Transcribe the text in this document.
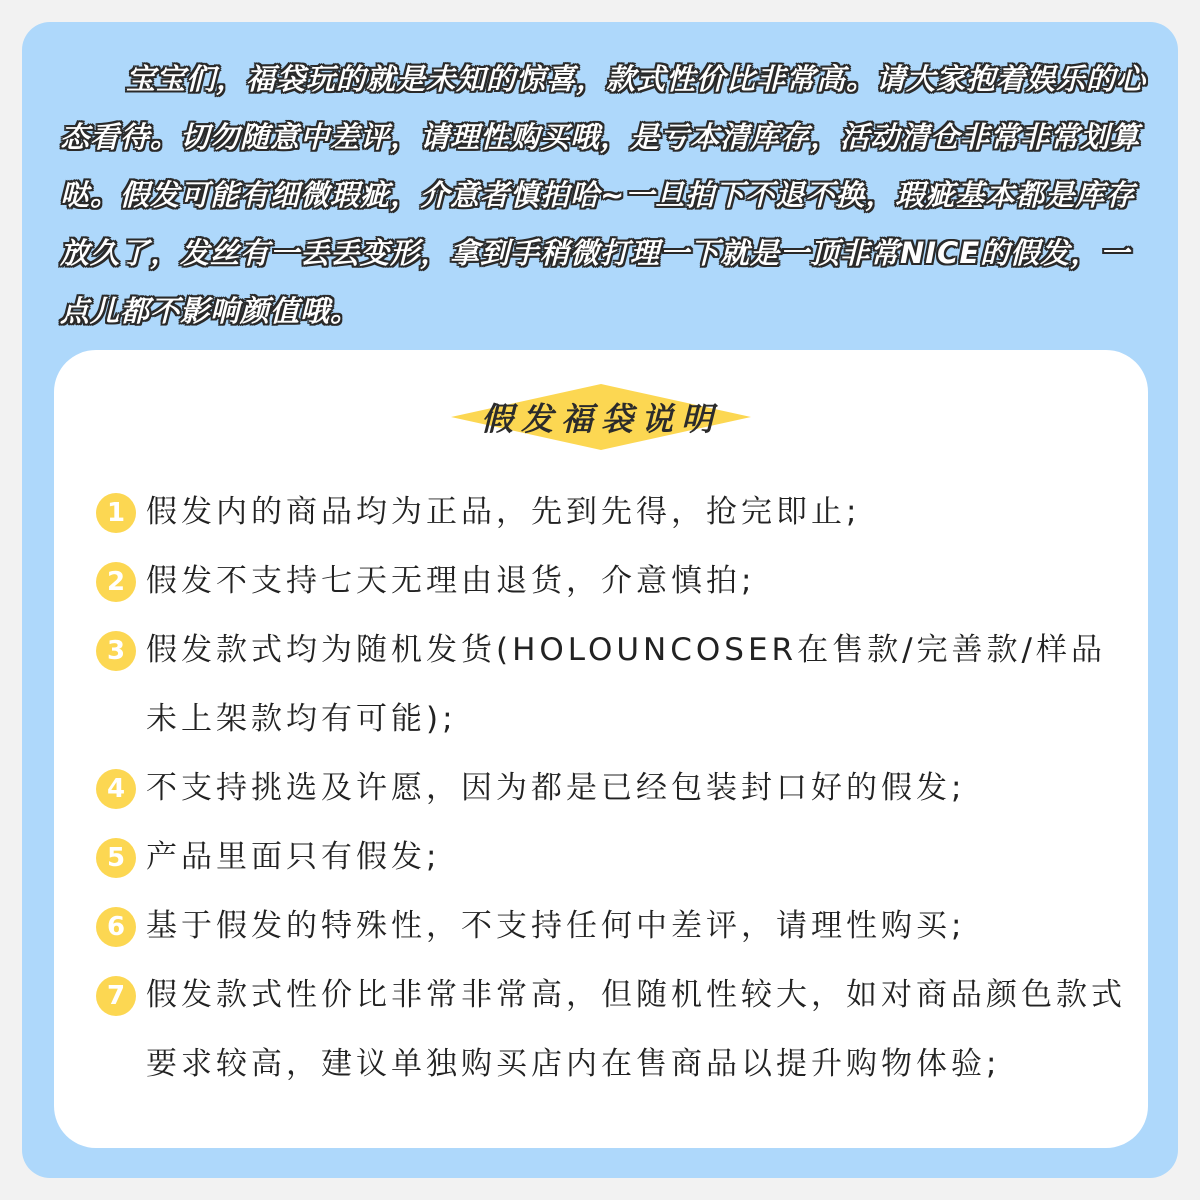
宝宝们，福袋玩的就是未知的惊喜，款式性价比非常高。请大家抱着娱乐的心态看待。切勿随意中差评，请理性购买哦，是亏本清库存，活动清仓非常非常划算哒。假发可能有细微瑕疵，介意者慎拍哈~一旦拍下不退不换，瑕疵基本都是库存放久了，发丝有一丢丢变形，拿到手稍微打理一下就是一顶非常NICE的假发，一点儿都不影响颜值哦。
假发福袋说明
1 假发内的商品均为正品，先到先得，抢完即止;
2 假发不支持七天无理由退货，介意慎拍;
3 假发款式均为随机发货(HOLOUNCOSER在售款/完善款/样品未上架款均有可能);
4 不支持挑选及许愿，因为都是已经包装封口好的假发;
5 产品里面只有假发;
6 基于假发的特殊性，不支持任何中差评，请理性购买;
7 假发款式性价比非常非常高，但随机性较大，如对商品颜色款式要求较高，建议单独购买店内在售商品以提升购物体验;
